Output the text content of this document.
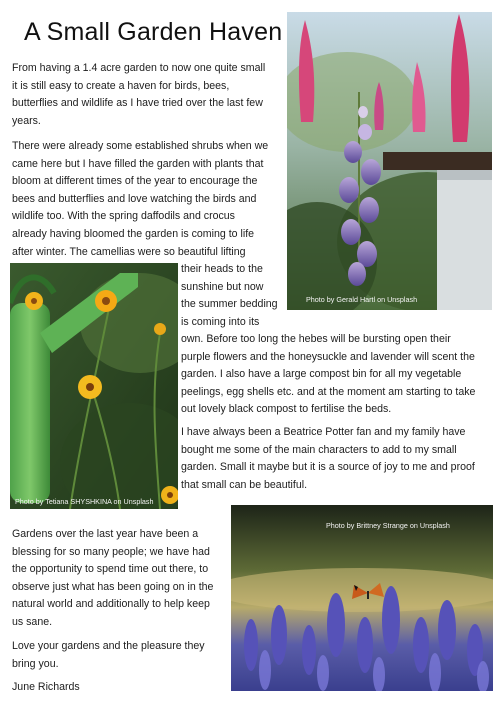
A Small Garden Haven
From having a 1.4 acre garden to now one quite small
it is still easy to create a haven for birds, bees,
butterflies and wildlife as I have tried over the last few
years.
There were already some established shrubs when we
came here but I have filled the garden with plants that
bloom at different times of the year to encourage the
bees and butterflies and love watching the birds and
wildlife too. With the spring daffodils and crocus
already having bloomed the garden is coming to life
after winter. The camellias were so beautiful lifting
their heads to the
sunshine but now
the summer bedding
is coming into its
own. Before too long the hebes will be bursting open their
purple flowers and the honeysuckle and lavender will scent the
garden. I also have a large compost bin for all my vegetable
peelings, egg shells etc. and at the moment am starting to take
out lovely black compost to fertilise the beds.
I have always been a Beatrice Potter fan and my family have
bought me some of the main characters to add to my small
garden. Small it maybe but it is a source of joy to me and proof
that small can be beautiful.
Gardens over the last year have been a
blessing for so many people; we have had
the opportunity to spend time out there, to
observe just what has been going on in the
natural world and additionally to help keep
us sane.
Love your gardens and the pleasure they
bring you.
June Richards
Photo by Gerald Hartl on Unsplash
Photo by Tetiana SHYSHKINA on Unsplash
Photo by Brittney Strange on Unsplash
